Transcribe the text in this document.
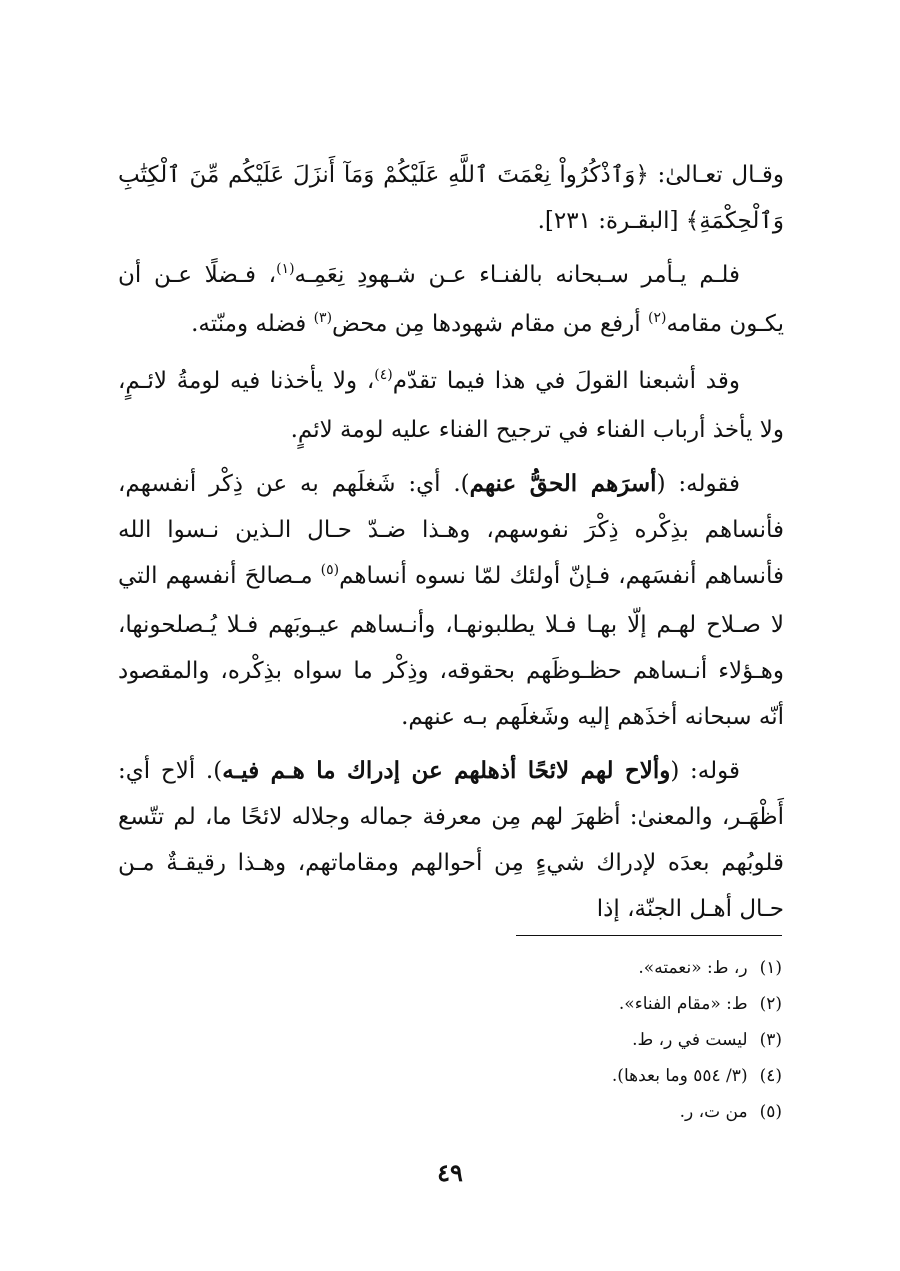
وقـال تعـالىٰ: ﴿وَٱذْكُرُواْ نِعْمَتَ ٱللَّهِ عَلَيْكُمْ وَمَآ أَنزَلَ عَلَيْكُم مِّنَ ٱلْكِتَٰبِ وَٱلْحِكْمَةِ﴾ [البقـرة: ٢٣١].

فلـم يـأمر سـبحانه بالفنـاء عـن شـهودِ نِعَمِـه$^{(١)}$، فـضلًا عـن أن يكـون مقامه$^{(٢)}$ أرفع من مقام شهودها مِن محض$^{(٣)}$ فضله ومنّته.

وقد أشبعنا القولَ في هذا فيما تقدّم$^{(٤)}$، ولا يأخذنا فيه لومةُ لائـمٍ، ولا يأخذ أرباب الفناء في ترجيح الفناء عليه لومة لائمٍ.

فقوله: (أسرَهم الحقُّ عنهم). أي: شَغلَهم به عن ذِكْر أنفسهم، فأنساهم بذِكْره ذِكْرَ نفوسهم، وهـذا ضـدّ حـال الـذين نـسوا الله فأنساهم أنفسَهم، فـإنّ أولئك لمّا نسوه أنساهم$^{(٥)}$ مـصالحَ أنفسهم التي لا صـلاح لهـم إلّا بهـا فـلا يطلبونهـا، وأنـساهم عيـوبَهم فـلا يُـصلحونها، وهـؤلاء أنـساهم حظـوظَهم بحقوقه، وذِكْر ما سواه بذِكْره، والمقصود أنّه سبحانه أخذَهم إليه وشَغلَهم بـه عنهم.

قوله: (وألاح لهم لائحًا أذهلهم عن إدراك ما هـم فيـه). ألاح أي: أَظْهَـر، والمعنىٰ: أظهرَ لهم مِن معرفة جماله وجلاله لائحًا ما، لم تتّسع قلوبُهم بعدَه لإدراك شيءٍ مِن أحوالهم ومقاماتهم، وهـذا رقيقـةٌ مـن حـال أهـل الجنّة، إذا

(١)ر، ط: «نعمته».
(٢)ط: «مقام الفناء».
(٣)ليست في ر، ط.
(٤)(٣/ ٥٥٤ وما بعدها).
(٥)من ت، ر.
٤٩
